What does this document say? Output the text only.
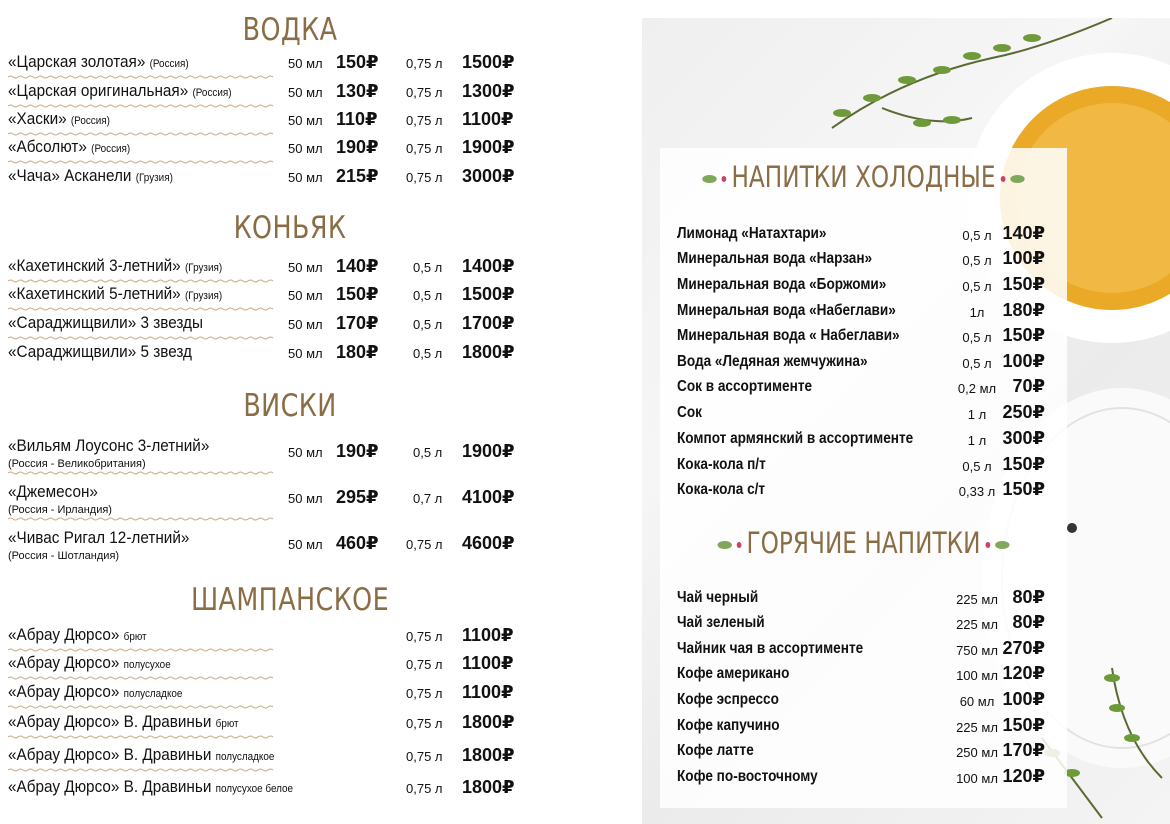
ВОДКА
«Царская золотая» (Россия)	50 мл 150₽ 0,75 л 1500₽
«Царская оригинальная» (Россия)	50 мл 130₽ 0,75 л 1300₽
«Хаски» (Россия)	50 мл 110₽ 0,75 л 1100₽
«Абсолют» (Россия)	50 мл 190₽ 0,75 л 1900₽
«Чача» Асканели (Грузия)	50 мл 215₽ 0,75 л 3000₽
КОНЬЯК
«Кахетинский 3-летний» (Грузия)	50 мл 140₽	0,5 л 1400₽
«Кахетинский 5-летний» (Грузия)	50 мл 150₽	0,5 л 1500₽
«Сараджищвили» 3 звезды	50 мл 170₽	0,5 л 1700₽
«Сараджищвили» 5 звезд	50 мл 180₽	0,5 л 1800₽
ВИСКИ
«Вильям Лоусонс 3-летний»
(Россия - Великобритания)
50 мл 190₽	0,5 л 1900₽
«Джемесон»
(Россия - Ирландия)
50 мл 295₽	0,7 л 4100₽
«Чивас Ригал 12-летний»
(Россия - Шотландия)
50 мл 460₽ 0,75 л 4600₽
ШАМПАНСКОЕ
«Абрау Дюрсо» брют	0,75 л 1100₽
«Абрау Дюрсо» полусухое	0,75 л 1100₽
«Абрау Дюрсо» полусладкое	0,75 л 1100₽
«Абрау Дюрсо» В. Дравиньи брют	0,75 л 1800₽
«Абрау Дюрсо» В. Дравиньи полусладкое	0,75 л 1800₽
«Абрау Дюрсо» В. Дравиньи полусухое белое	0,75 л 1800₽
НАПИТКИ ХОЛОДНЫЕ
Лимонад «Натахтари»	0,5 л 140₽
Минеральная вода «Нарзан»	0,5 л 100₽
Минеральная вода «Боржоми»	0,5 л 150₽
Минеральная вода «Набеглави»	1л	180₽
Минеральная вода « Набеглави»	0,5 л 150₽
Вода «Ледяная жемчужина»	0,5 л 100₽
Сок в ассортименте	0,2 мл 70₽
Сок	1 л 250₽
Компот армянский в ассортименте	1 л 300₽
Кока-кола п/т	0,5 л 150₽
Кока-кола с/т	0,33 л 150₽
ГОРЯЧИЕ НАПИТКИ
Чай черный	225 мл 80₽
Чай зеленый	225 мл 80₽
Чайник чая в ассортименте	750 мл 270₽
Кофе американо	100 мл 120₽
Кофе эспрессо	60 мл 100₽
Кофе капучино	225 мл 150₽
Кофе латте	250 мл 170₽
Кофе по-восточному	100 мл 120₽
